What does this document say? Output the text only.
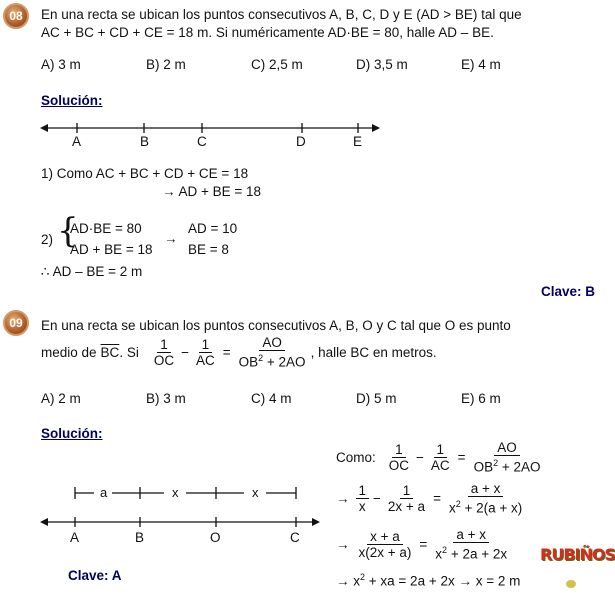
08	En una recta se ubican los puntos consecutivos A, B, C, D y E (AD > BE) tal que
AC + BC + CD + CE = 18 m. Si numéricamente AD·BE = 80, halle AD – BE.
A) 3 m	B) 2 m	C) 2,5 m	D) 3,5 m	E) 4 m
Solución:
A	B	C	D	E
1) Como AC + BC + CD + CE = 18
→ AD + BE = 18
2) {
AD·BE = 80
AD + BE = 18
→
AD = 10
BE = 8
∴ AD – BE = 2 m
Clave: B
09	En una recta se ubican los puntos consecutivos A, B, O y C tal que O es punto
medio de $\overline{BC}$ . Si $\frac{1}{OC} - \frac{1}{AC} = \frac{AO}{OB^2 + 2AO}$ , halle BC en metros.
A) 2 m	B) 3 m	C) 4 m	D) 5 m	E) 6 m
Solución:
a	x	x
A	B	O	C
Clave: A
Como: $\frac{1}{OC} - \frac{1}{AC} = \frac{AO}{OB^2 + 2AO}$
→ $\frac{1}{x} - \frac{1}{2x + a} = \frac{a + x}{x^2 + 2(a + x)}$
→ $\frac{x + a}{x(2x + a)} = \frac{a + x}{x^2 + 2a + 2x}$
→ $x^2$ + xa = 2a + 2x → x = 2 m
RUBIÑOS
